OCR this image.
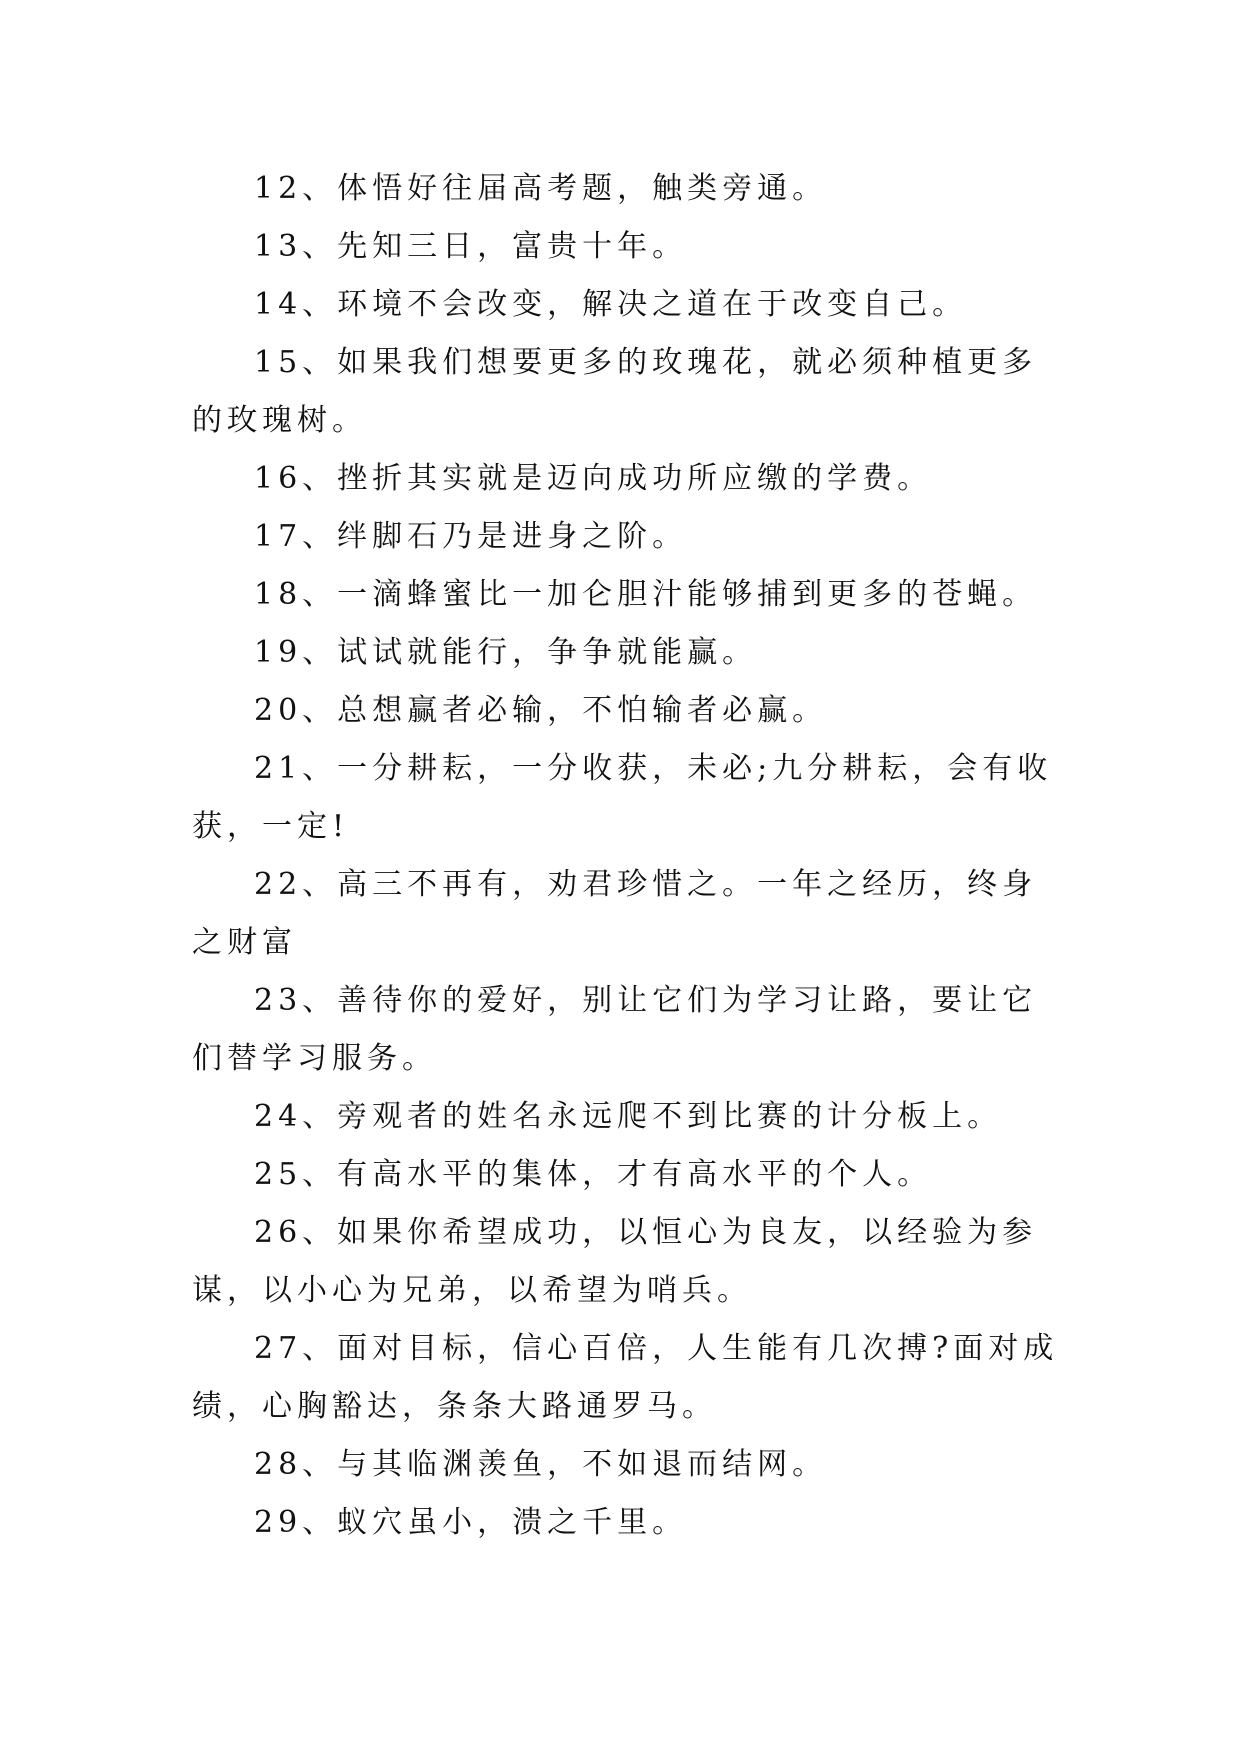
12、体悟好往届高考题，触类旁通。

13、先知三日，富贵十年。

14、环境不会改变，解决之道在于改变自己。

15、如果我们想要更多的玫瑰花，就必须种植更多的玫瑰树。

16、挫折其实就是迈向成功所应缴的学费。

17、绊脚石乃是进身之阶。

18、一滴蜂蜜比一加仑胆汁能够捕到更多的苍蝇。

19、试试就能行，争争就能赢。

20、总想赢者必输，不怕输者必赢。

21、一分耕耘，一分收获，未必;九分耕耘，会有收获，一定!

22、高三不再有，劝君珍惜之。一年之经历，终身之财富

23、善待你的爱好，别让它们为学习让路，要让它们替学习服务。

24、旁观者的姓名永远爬不到比赛的计分板上。

25、有高水平的集体，才有高水平的个人。

26、如果你希望成功，以恒心为良友，以经验为参谋，以小心为兄弟，以希望为哨兵。

27、面对目标，信心百倍，人生能有几次搏?面对成绩，心胸豁达，条条大路通罗马。

28、与其临渊羡鱼，不如退而结网。

29、蚁穴虽小，溃之千里。
